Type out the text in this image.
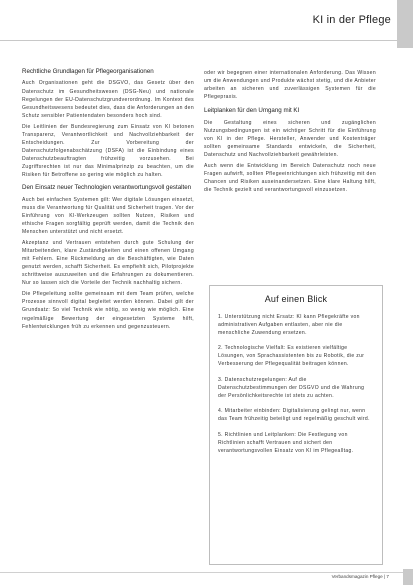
KI in der Pflege
Rechtliche Grundlagen für Pflegeorganisationen

Auch Organisationen geht die DSGVO, das Gesetz über den Datenschutz im Gesundheitswesen (DSG-Neu) und nationale Regelungen der EU-Datenschutzgrundverordnung. Im Kontext des Gesundheitswesens bedeutet dies, dass die Anforderungen an den Schutz sensibler Patientendaten besonders hoch sind.

Die Leitlinien der Bundesregierung zum Einsatz von KI betonen Transparenz, Verantwortlichkeit und Nachvollziehbarkeit der Entscheidungen. Zur Vorbereitung der Datenschutzfolgenabschätzung (DSFA) ist die Einbindung eines Datenschutzbeauftragten frühzeitig vorzusehen. Bei Zugriffsrechten ist nur das Minimalprinzip zu beachten, um die Risiken für Betroffene so gering wie möglich zu halten.

Den Einsatz neuer Technologien verantwortungsvoll gestalten

Auch bei einfachen Systemen gilt: Wer digitale Lösungen einsetzt, muss die Verantwortung für Qualität und Sicherheit tragen. Vor der Einführung von KI-Werkzeugen sollten Nutzen, Risiken und ethische Fragen sorgfältig geprüft werden, damit die Technik den Menschen unterstützt und nicht ersetzt.

Akzeptanz und Vertrauen entstehen durch gute Schulung der Mitarbeitenden, klare Zuständigkeiten und einen offenen Umgang mit Fehlern. Eine Rückmeldung an die Beschäftigten, wie Daten genutzt werden, schafft Sicherheit. Es empfiehlt sich, Pilotprojekte schrittweise auszuweiten und die Erfahrungen zu dokumentieren. Nur so lassen sich die Vorteile der Technik nachhaltig sichern.

Die Pflegeleitung sollte gemeinsam mit dem Team prüfen, welche Prozesse sinnvoll digital begleitet werden können. Dabei gilt der Grundsatz: So viel Technik wie nötig, so wenig wie möglich. Eine regelmäßige Bewertung der eingesetzten Systeme hilft, Fehlentwicklungen früh zu erkennen und gegenzusteuern.

oder wir begegnen einer internationalen Anforderung. Das Wissen um die Anwendungen und Produkte wächst stetig, und die Anbieter arbeiten an sicheren und zuverlässigen Systemen für die Pflegepraxis.

Leitplanken für den Umgang mit KI

Die Gestaltung eines sicheren und zugänglichen Nutzungsbedingungen ist ein wichtiger Schritt für die Einführung von KI in der Pflege. Hersteller, Anwender und Kostenträger sollten gemeinsame Standards entwickeln, die Sicherheit, Datenschutz und Nachvollziehbarkeit gewährleisten.

Auch wenn die Entwicklung im Bereich Datenschutz noch neue Fragen aufwirft, sollten Pflegeeinrichtungen sich frühzeitig mit den Chancen und Risiken auseinandersetzen. Eine klare Haltung hilft, die Technik gezielt und verantwortungsvoll einzusetzen.

Auf einen Blick
1. Unterstützung nicht Ersatz: KI kann Pflegekräfte von administrativen Aufgaben entlasten, aber nie die menschliche Zuwendung ersetzen.
2. Technologische Vielfalt: Es existieren vielfältige Lösungen, von Sprachassistenten bis zu Robotik, die zur Verbesserung der Pflegequalität beitragen können.
3. Datenschutzregelungen: Auf die Datenschutzbestimmungen der DSGVO und die Wahrung der Persönlichkeitsrechte ist stets zu achten.
4. Mitarbeiter einbinden: Digitalisierung gelingt nur, wenn das Team frühzeitig beteiligt und regelmäßig geschult wird.
5. Richtlinien und Leitplanken: Die Festlegung von Richtlinien schafft Vertrauen und sichert den verantwortungsvollen Einsatz von KI im Pflegealltag.
Verbandsmagazin Pflege | 7
